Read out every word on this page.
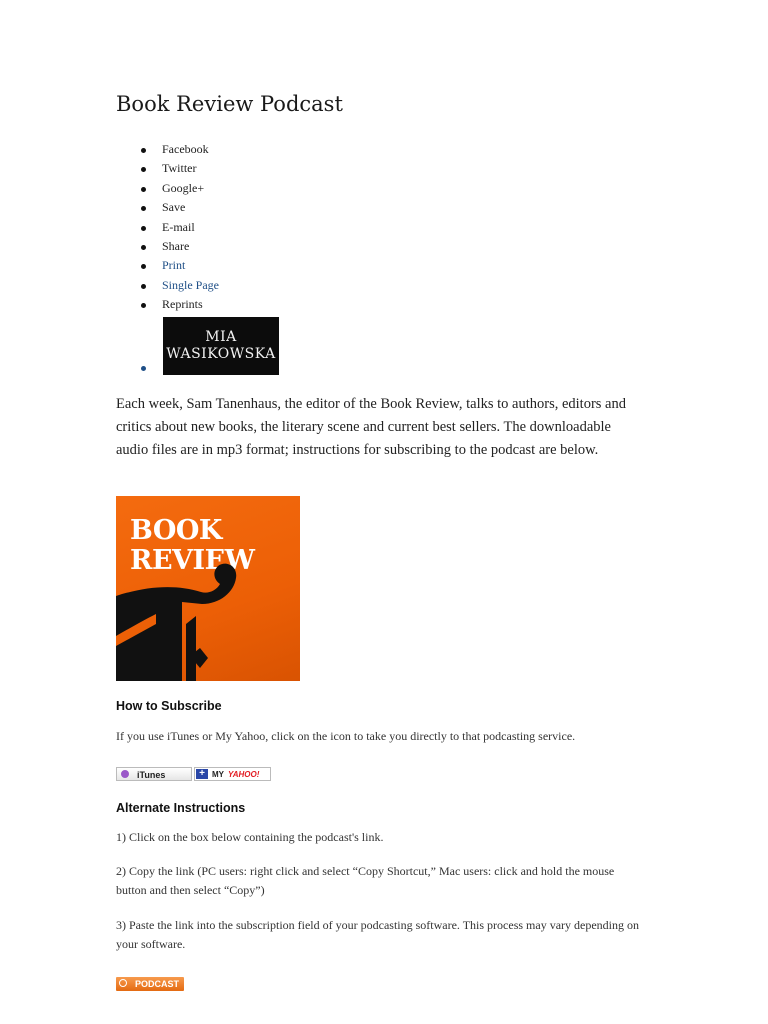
Book Review Podcast
Facebook
Twitter
Google+
Save
E-mail
Share
Print
Single Page
Reprints
MIA
WASIKOWSKA

Each week, Sam Tanenhaus, the editor of the Book Review, talks to authors, editors and critics about new books, the literary scene and current best sellers. The downloadable audio files are in mp3 format; instructions for subscribing to the podcast are below.

BOOK
REVIEW
How to Subscribe

If you use iTunes or My Yahoo, click on the icon to take you directly to that podcasting service.

iTunes	+ MY YAHOO!
Alternate Instructions

1) Click on the box below containing the podcast's link.

2) Copy the link (PC users: right click and select “Copy Shortcut,” Mac users: click and hold the mouse button and then select “Copy”)

3) Paste the link into the subscription field of your podcasting software. This process may vary depending on your software.

PODCAST
